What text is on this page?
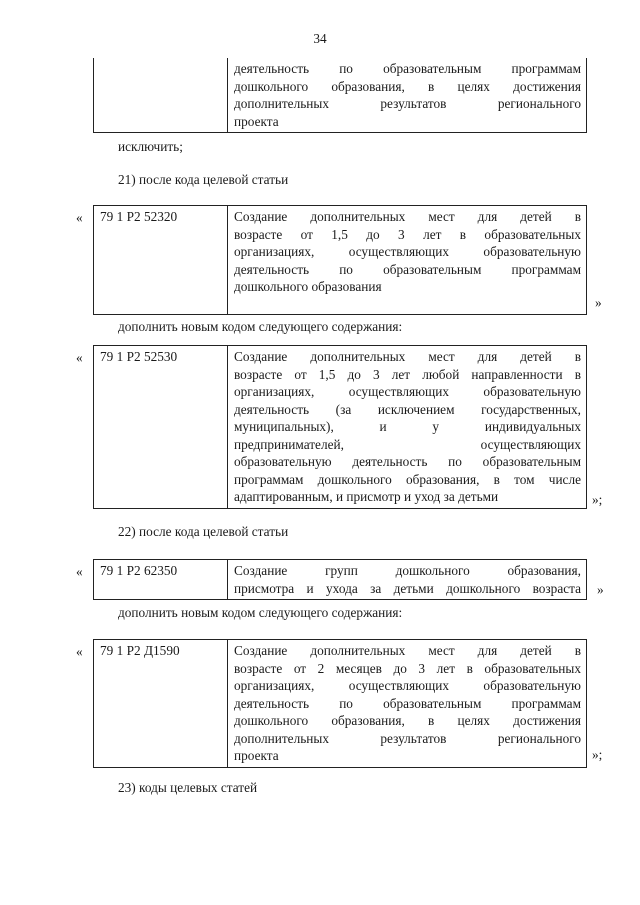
34
деятельность по образовательным программам
дошкольного образования, в целях достижения
дополнительных результатов регионального
проекта
исключить;
21) после кода целевой статьи
«	79 1 Р2 52320	Создание дополнительных мест для детей в
возрасте от 1,5 до 3 лет в образовательных
организациях, осуществляющих образовательную
деятельность по образовательным программам
дошкольного образования
»
дополнить новым кодом следующего содержания:
«	79 1 Р2 52530	Создание дополнительных мест для детей в
возрасте от 1,5 до 3 лет любой направленности в
организациях, осуществляющих образовательную
деятельность (за исключением государственных,
муниципальных), и у индивидуальных
предпринимателей, осуществляющих
образовательную деятельность по образовательным
программам дошкольного образования, в том числе
адаптированным, и присмотр и уход за детьми	»;
22) после кода целевой статьи
«	79 1 Р2 62350	Создание групп дошкольного образования,
присмотра и ухода за детьми дошкольного возраста »
дополнить новым кодом следующего содержания:
«	79 1 Р2 Д1590	Создание дополнительных мест для детей в
возрасте от 2 месяцев до 3 лет в образовательных
организациях, осуществляющих образовательную
деятельность по образовательным программам
дошкольного образования, в целях достижения
дополнительных результатов регионального
проекта	»;
23) коды целевых статей
